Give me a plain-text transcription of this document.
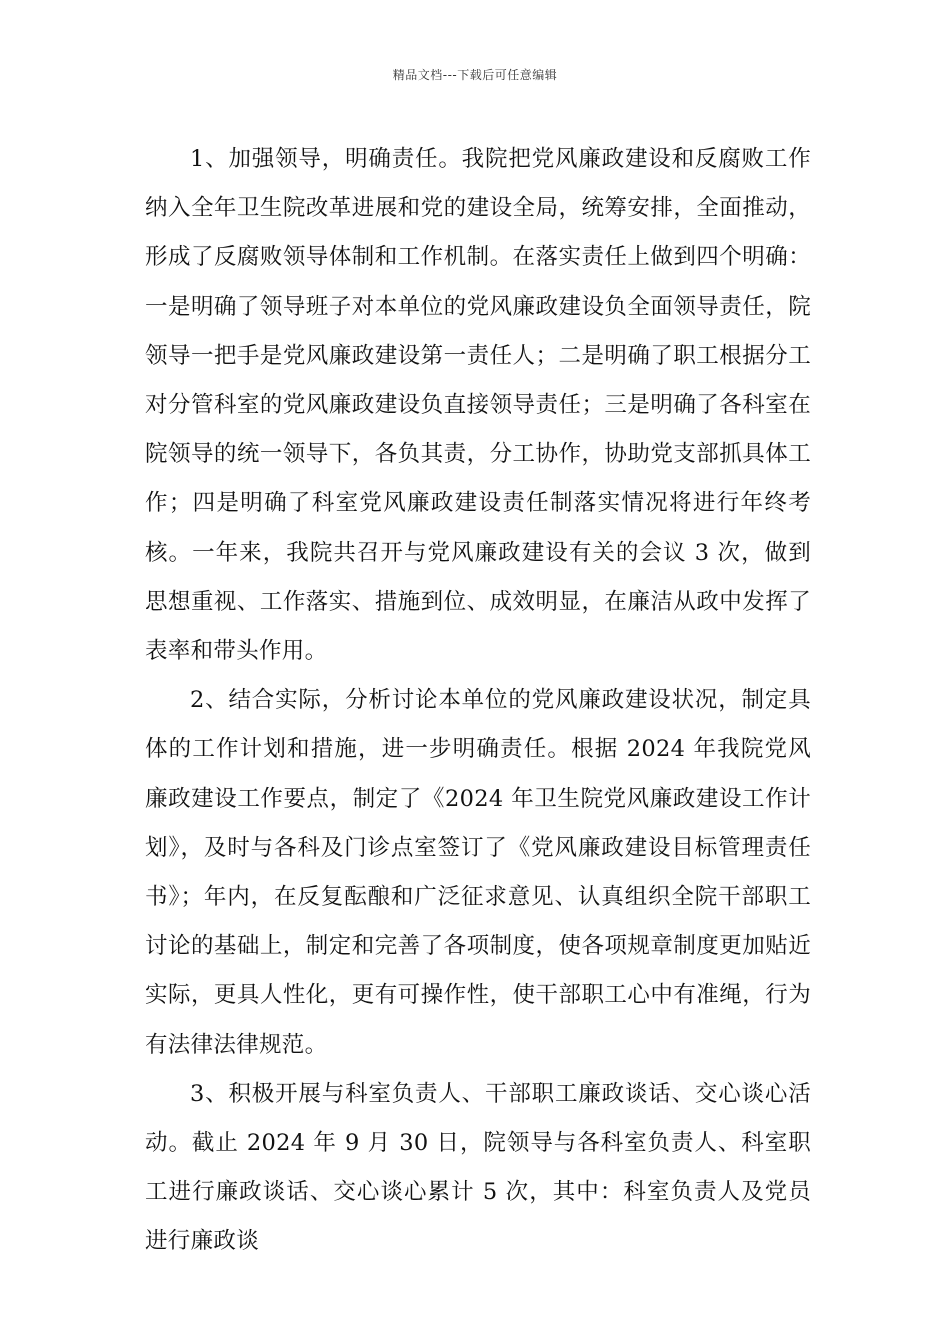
精品文档---下载后可任意编辑

1、加强领导，明确责任。我院把党风廉政建设和反腐败工作纳入全年卫生院改革进展和党的建设全局，统筹安排，全面推动，形成了反腐败领导体制和工作机制。在落实责任上做到四个明确：一是明确了领导班子对本单位的党风廉政建设负全面领导责任，院领导一把手是党风廉政建设第一责任人；二是明确了职工根据分工对分管科室的党风廉政建设负直接领导责任；三是明确了各科室在院领导的统一领导下，各负其责，分工协作，协助党支部抓具体工作；四是明确了科室党风廉政建设责任制落实情况将进行年终考核。一年来，我院共召开与党风廉政建设有关的会议 3 次，做到思想重视、工作落实、措施到位、成效明显，在廉洁从政中发挥了表率和带头作用。

2、结合实际，分析讨论本单位的党风廉政建设状况，制定具体的工作计划和措施，进一步明确责任。根据 2024 年我院党风廉政建设工作要点，制定了《2024 年卫生院党风廉政建设工作计划》，及时与各科及门诊点室签订了《党风廉政建设目标管理责任书》；年内，在反复酝酿和广泛征求意见、认真组织全院干部职工讨论的基础上，制定和完善了各项制度，使各项规章制度更加贴近实际，更具人性化，更有可操作性，使干部职工心中有准绳，行为有法律法律规范。

3、积极开展与科室负责人、干部职工廉政谈话、交心谈心活动。截止 2024 年 9 月 30 日，院领导与各科室负责人、科室职工进行廉政谈话、交心谈心累计 5 次，其中：科室负责人及党员进行廉政谈
